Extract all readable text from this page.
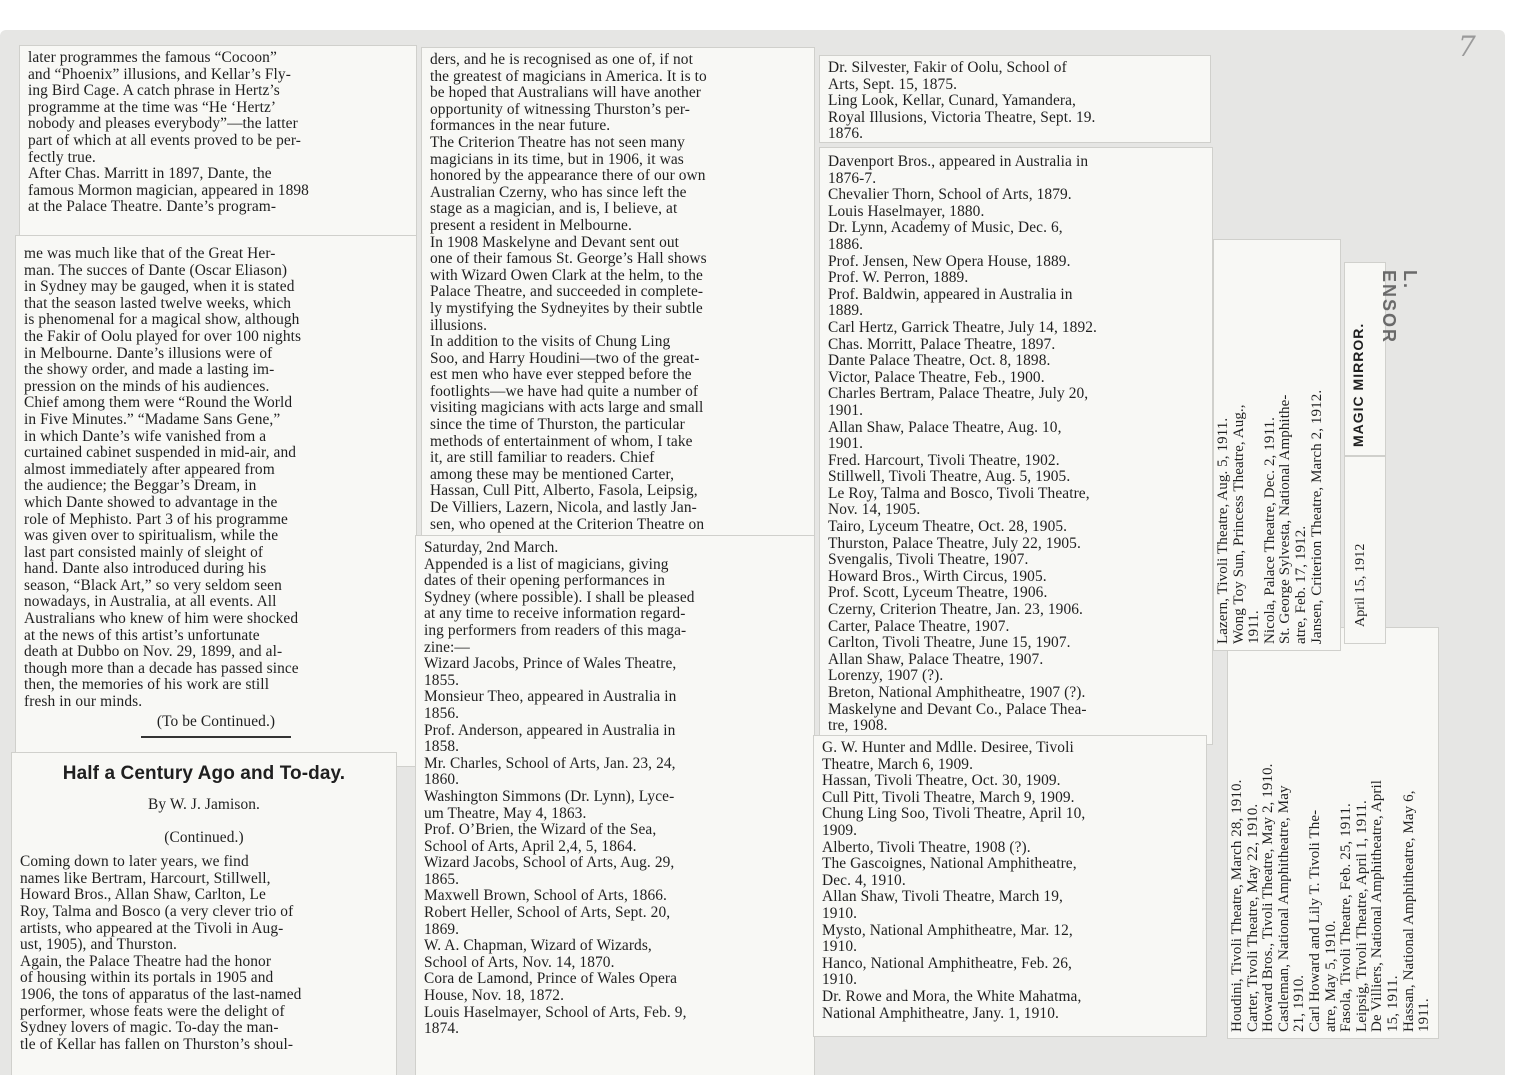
later programmes the famous “Cocoon”
and “Phoenix” illusions, and Kellar’s Fly-
ing Bird Cage. A catch phrase in Hertz’s
programme at the time was “He ‘Hertz’
nobody and pleases everybody”—the latter
part of which at all events proved to be per-
fectly true.
After Chas. Marritt in 1897, Dante, the
famous Mormon magician, appeared in 1898
at the Palace Theatre. Dante’s program-
me was much like that of the Great Her-
man. The succes of Dante (Oscar Eliason)
in Sydney may be gauged, when it is stated
that the season lasted twelve weeks, which
is phenomenal for a magical show, although
the Fakir of Oolu played for over 100 nights
in Melbourne. Dante’s illusions were of
the showy order, and made a lasting im-
pression on the minds of his audiences.
Chief among them were “Round the World
in Five Minutes.” “Madame Sans Gene,”
in which Dante’s wife vanished from a
curtained cabinet suspended in mid-air, and
almost immediately after appeared from
the audience; the Beggar’s Dream, in
which Dante showed to advantage in the
role of Mephisto. Part 3 of his programme
was given over to spiritualism, while the
last part consisted mainly of sleight of
hand. Dante also introduced during his
season, “Black Art,” so very seldom seen
nowadays, in Australia, at all events. All
Australians who knew of him were shocked
at the news of this artist’s unfortunate
death at Dubbo on Nov. 29, 1899, and al-
though more than a decade has passed since
then, the memories of his work are still
fresh in our minds.
(To be Continued.)
Half a Century Ago and To-day.
By W. J. Jamison.
(Continued.)
Coming down to later years, we find
names like Bertram, Harcourt, Stillwell,
Howard Bros., Allan Shaw, Carlton, Le
Roy, Talma and Bosco (a very clever trio of
artists, who appeared at the Tivoli in Aug-
ust, 1905), and Thurston.
Again, the Palace Theatre had the honor
of housing within its portals in 1905 and
1906, the tons of apparatus of the last-named
performer, whose feats were the delight of
Sydney lovers of magic. To-day the man-
tle of Kellar has fallen on Thurston’s shoul-
ders, and he is recognised as one of, if not
the greatest of magicians in America. It is to
be hoped that Australians will have another
opportunity of witnessing Thurston’s per-
formances in the near future.
The Criterion Theatre has not seen many
magicians in its time, but in 1906, it was
honored by the appearance there of our own
Australian Czerny, who has since left the
stage as a magician, and is, I believe, at
present a resident in Melbourne.
In 1908 Maskelyne and Devant sent out
one of their famous St. George’s Hall shows
with Wizard Owen Clark at the helm, to the
Palace Theatre, and succeeded in complete-
ly mystifying the Sydneyites by their subtle
illusions.
In addition to the visits of Chung Ling
Soo, and Harry Houdini—two of the great-
est men who have ever stepped before the
footlights—we have had quite a number of
visiting magicians with acts large and small
since the time of Thurston, the particular
methods of entertainment of whom, I take
it, are still familiar to readers. Chief
among these may be mentioned Carter,
Hassan, Cull Pitt, Alberto, Fasola, Leipsig,
De Villiers, Lazern, Nicola, and lastly Jan-
sen, who opened at the Criterion Theatre on
Saturday, 2nd March.
Appended is a list of magicians, giving
dates of their opening performances in
Sydney (where possible). I shall be pleased
at any time to receive information regard-
ing performers from readers of this maga-
zine:—
Wizard Jacobs, Prince of Wales Theatre,
1855.
Monsieur Theo, appeared in Australia in
1856.
Prof. Anderson, appeared in Australia in
1858.
Mr. Charles, School of Arts, Jan. 23, 24,
1860.
Washington Simmons (Dr. Lynn), Lyce-
um Theatre, May 4, 1863.
Prof. O’Brien, the Wizard of the Sea,
School of Arts, April 2,4, 5, 1864.
Wizard Jacobs, School of Arts, Aug. 29,
1865.
Maxwell Brown, School of Arts, 1866.
Robert Heller, School of Arts, Sept. 20,
1869.
W. A. Chapman, Wizard of Wizards,
School of Arts, Nov. 14, 1870.
Cora de Lamond, Prince of Wales Opera
House, Nov. 18, 1872.
Louis Haselmayer, School of Arts, Feb. 9,
1874.
Dr. Silvester, Fakir of Oolu, School of
Arts, Sept. 15, 1875.
Ling Look, Kellar, Cunard, Yamandera,
Royal Illusions, Victoria Theatre, Sept. 19.
1876.
Davenport Bros., appeared in Australia in
1876-7.
Chevalier Thorn, School of Arts, 1879.
Louis Haselmayer, 1880.
Dr. Lynn, Academy of Music, Dec. 6,
1886.
Prof. Jensen, New Opera House, 1889.
Prof. W. Perron, 1889.
Prof. Baldwin, appeared in Australia in
1889.
Carl Hertz, Garrick Theatre, July 14, 1892.
Chas. Morritt, Palace Theatre, 1897.
Dante Palace Theatre, Oct. 8, 1898.
Victor, Palace Theatre, Feb., 1900.
Charles Bertram, Palace Theatre, July 20,
1901.
Allan Shaw, Palace Theatre, Aug. 10,
1901.
Fred. Harcourt, Tivoli Theatre, 1902.
Stillwell, Tivoli Theatre, Aug. 5, 1905.
Le Roy, Talma and Bosco, Tivoli Theatre,
Nov. 14, 1905.
Tairo, Lyceum Theatre, Oct. 28, 1905.
Thurston, Palace Theatre, July 22, 1905.
Svengalis, Tivoli Theatre, 1907.
Howard Bros., Wirth Circus, 1905.
Prof. Scott, Lyceum Theatre, 1906.
Czerny, Criterion Theatre, Jan. 23, 1906.
Carter, Palace Theatre, 1907.
Carlton, Tivoli Theatre, June 15, 1907.
Allan Shaw, Palace Theatre, 1907.
Lorenzy, 1907 (?).
Breton, National Amphitheatre, 1907 (?).
Maskelyne and Devant Co., Palace Thea-
tre, 1908.
G. W. Hunter and Mdlle. Desiree, Tivoli
Theatre, March 6, 1909.
Hassan, Tivoli Theatre, Oct. 30, 1909.
Cull Pitt, Tivoli Theatre, March 9, 1909.
Chung Ling Soo, Tivoli Theatre, April 10,
1909.
Alberto, Tivoli Theatre, 1908 (?).
The Gascoignes, National Amphitheatre,
Dec. 4, 1910.
Allan Shaw, Tivoli Theatre, March 19,
1910.
Mysto, National Amphitheatre, Mar. 12,
1910.
Hanco, National Amphitheatre, Feb. 26,
1910.
Dr. Rowe and Mora, the White Mahatma,
National Amphitheatre, Jany. 1, 1910.	Houdini, Tivoli Theatre, March 28, 1910. Carter, Tivoli Theatre, May 22, 1910. Howard Bros., Tivoli Theatre, May 2, 1910. Castleman, National Amphitheatre, May 21, 1910. Carl Howard and Lily T. Tivoli The- atre, May 5, 1910. Fasola, Tivoli Theatre, Feb. 25, 1911. Leipsig, Tivoli Theatre, April 1, 1911. De Villiers, National Amphitheatre, April 15, 1911. Hassan, National Amphitheatre, May 6, 1911.
Lazern, Tivoli Theatre, Aug. 5, 1911. Wong Toy Sun, Princess Theatre, Aug., 1911. Nicola, Palace Theatre, Dec. 2, 1911. St. George Sylvesta, National Amphithe- atre, Feb. 17, 1912. Jansen, Criterion Theatre, March 2, 1912.
MAGIC MIRROR.
April 15, 1912
L. ENSOR
7
